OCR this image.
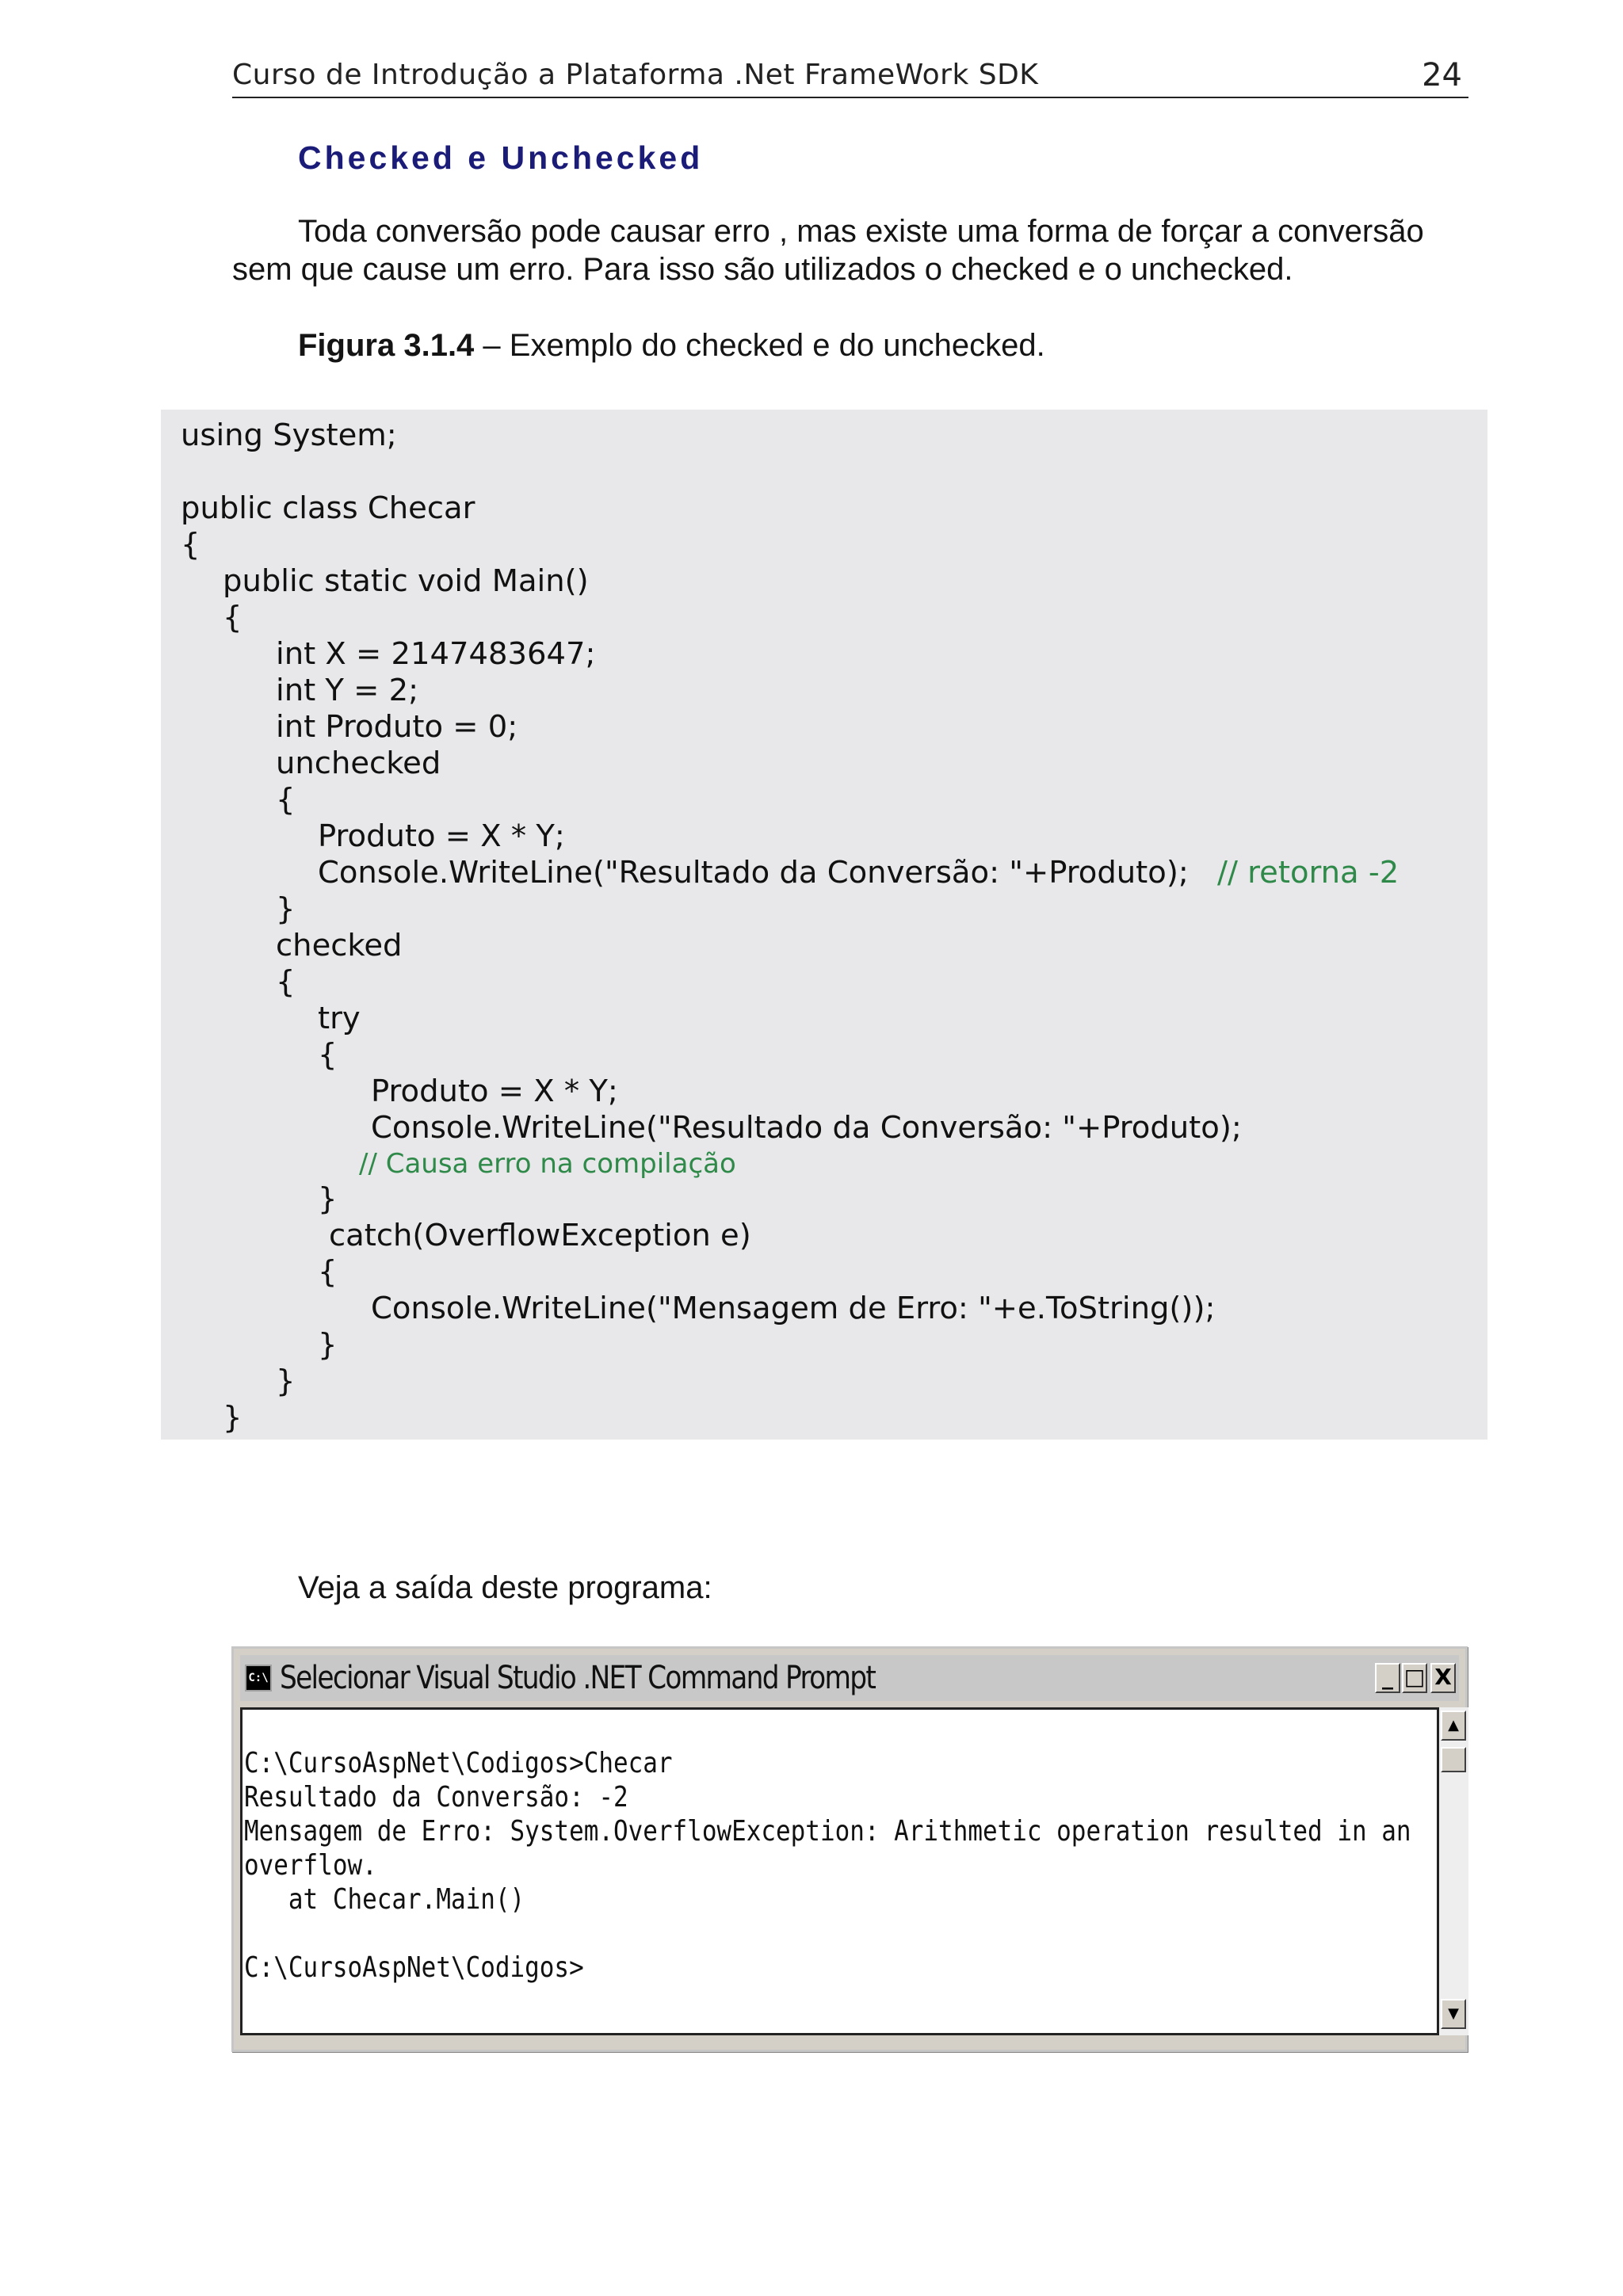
Curso de Introdução a Plataforma .Net FrameWork SDK	24
Checked e Unchecked
Toda conversão pode causar erro , mas existe uma forma de forçar a conversão sem que cause um erro. Para isso são utilizados o checked e o unchecked.
Figura 3.1.4 – Exemplo do checked e do unchecked.
using System;
public class Checar
{
public static void Main()
{
int X = 2147483647;
int Y = 2;
int Produto = 0;
unchecked
{
Produto = X * Y;
Console.WriteLine("Resultado da Conversão: "+Produto); // retorna -2
}
checked
{
try
{
Produto = X * Y;
Console.WriteLine("Resultado da Conversão: "+Produto);
// Causa erro na compilação
}
catch(OverflowException e)
{
Console.WriteLine("Mensagem de Erro: "+e.ToString());
}
}
}
Veja a saída deste programa:
C:\ Selecionar Visual Studio .NET Command Prompt	_ □ X
C:\CursoAspNet\Codigos>Checar
Resultado da Conversão: -2
Mensagem de Erro: System.OverflowException: Arithmetic operation resulted in an
overflow.
at Checar.Main()
C:\CursoAspNet\Codigos>
▲
▼
